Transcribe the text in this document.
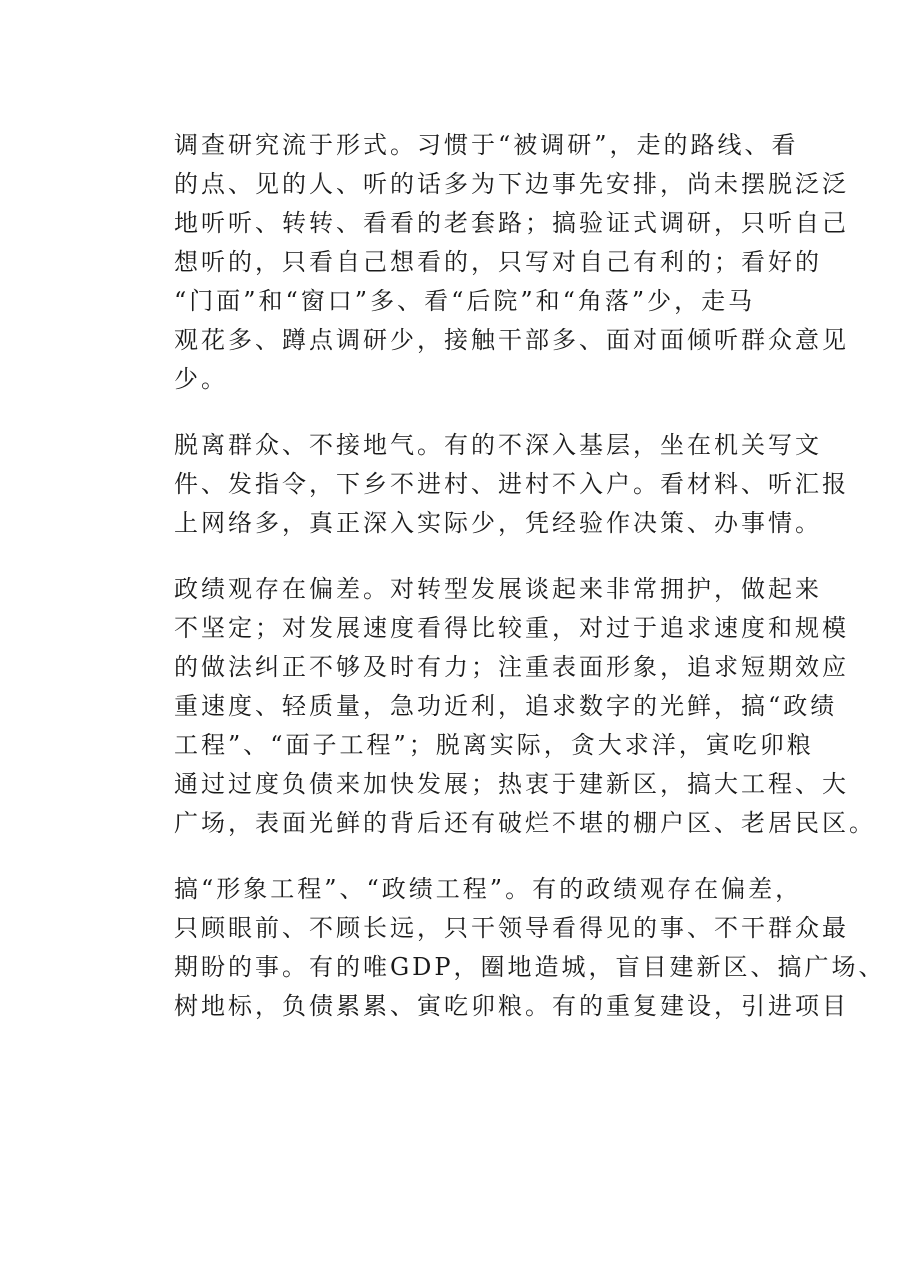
调查研究流于形式。习惯于“被调研”，走的路线、看
的点、见的人、听的话多为下边事先安排，尚未摆脱泛泛
地听听、转转、看看的老套路；搞验证式调研，只听自己
想听的，只看自己想看的，只写对自己有利的；看好的
“门面”和“窗口”多、看“后院”和“角落”少，走马
观花多、蹲点调研少，接触干部多、面对面倾听群众意见
少。

脱离群众、不接地气。有的不深入基层，坐在机关写文
件、发指令，下乡不进村、进村不入户。看材料、听汇报
上网络多，真正深入实际少，凭经验作决策、办事情。

政绩观存在偏差。对转型发展谈起来非常拥护，做起来
不坚定；对发展速度看得比较重，对过于追求速度和规模
的做法纠正不够及时有力；注重表面形象，追求短期效应
重速度、轻质量，急功近利，追求数字的光鲜，搞“政绩
工程”、“面子工程”；脱离实际，贪大求洋，寅吃卯粮
通过过度负债来加快发展；热衷于建新区，搞大工程、大
广场，表面光鲜的背后还有破烂不堪的棚户区、老居民区。

搞“形象工程”、“政绩工程”。有的政绩观存在偏差，
只顾眼前、不顾长远，只干领导看得见的事、不干群众最
期盼的事。有的唯GDP，圈地造城，盲目建新区、搞广场、
树地标，负债累累、寅吃卯粮。有的重复建设，引进项目
